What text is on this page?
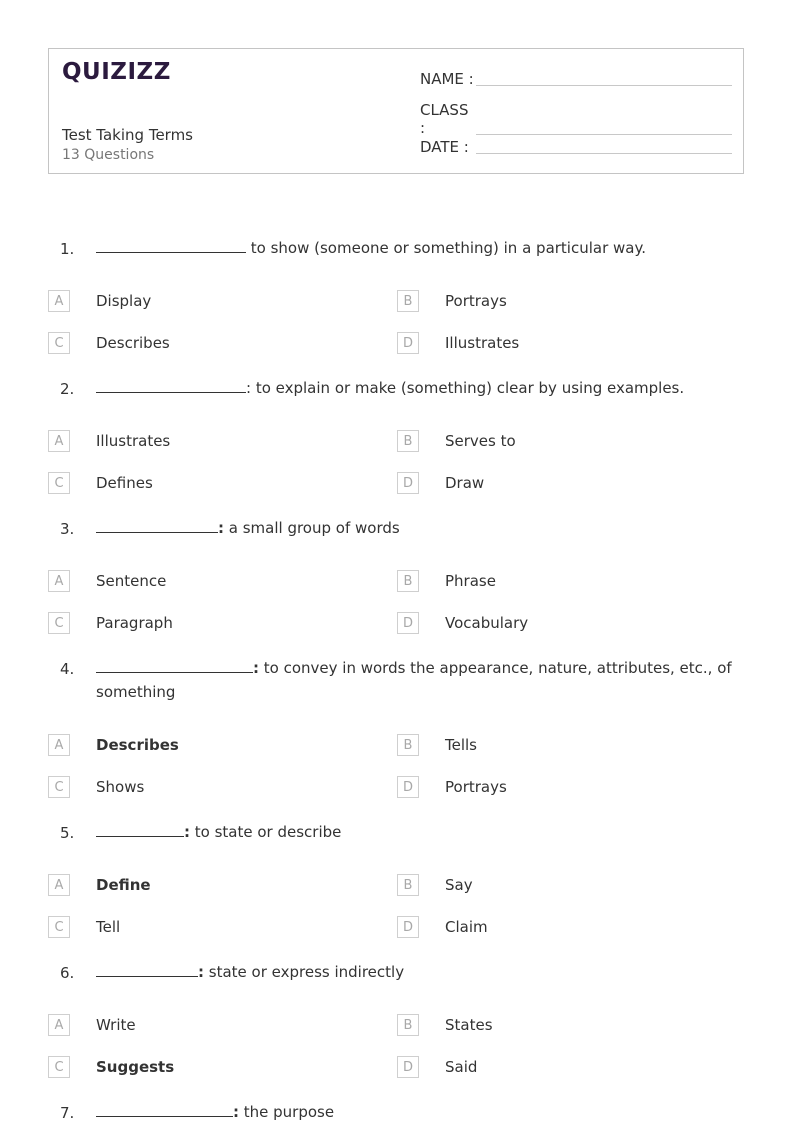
QUIZIZZ
Test Taking Terms
13 Questions
NAME :
CLASS :
DATE :
1.	to show (someone or something) in a particular way.
A	Display	B	Portrays
C	Describes	D	Illustrates
2.	: to explain or make (something) clear by using examples.
A	Illustrates	B	Serves to
C	Defines	D	Draw
3.	: a small group of words
A	Sentence	B	Phrase
C	Paragraph	D	Vocabulary
4.	: to convey in words the appearance, nature, attributes, etc., of something
A	Describes	B	Tells
C	Shows	D	Portrays
5.	: to state or describe
A	Define	B	Say
C	Tell	D	Claim
6.	: state or express indirectly
A	Write	B	States
C	Suggests	D	Said
7.	: the purpose
